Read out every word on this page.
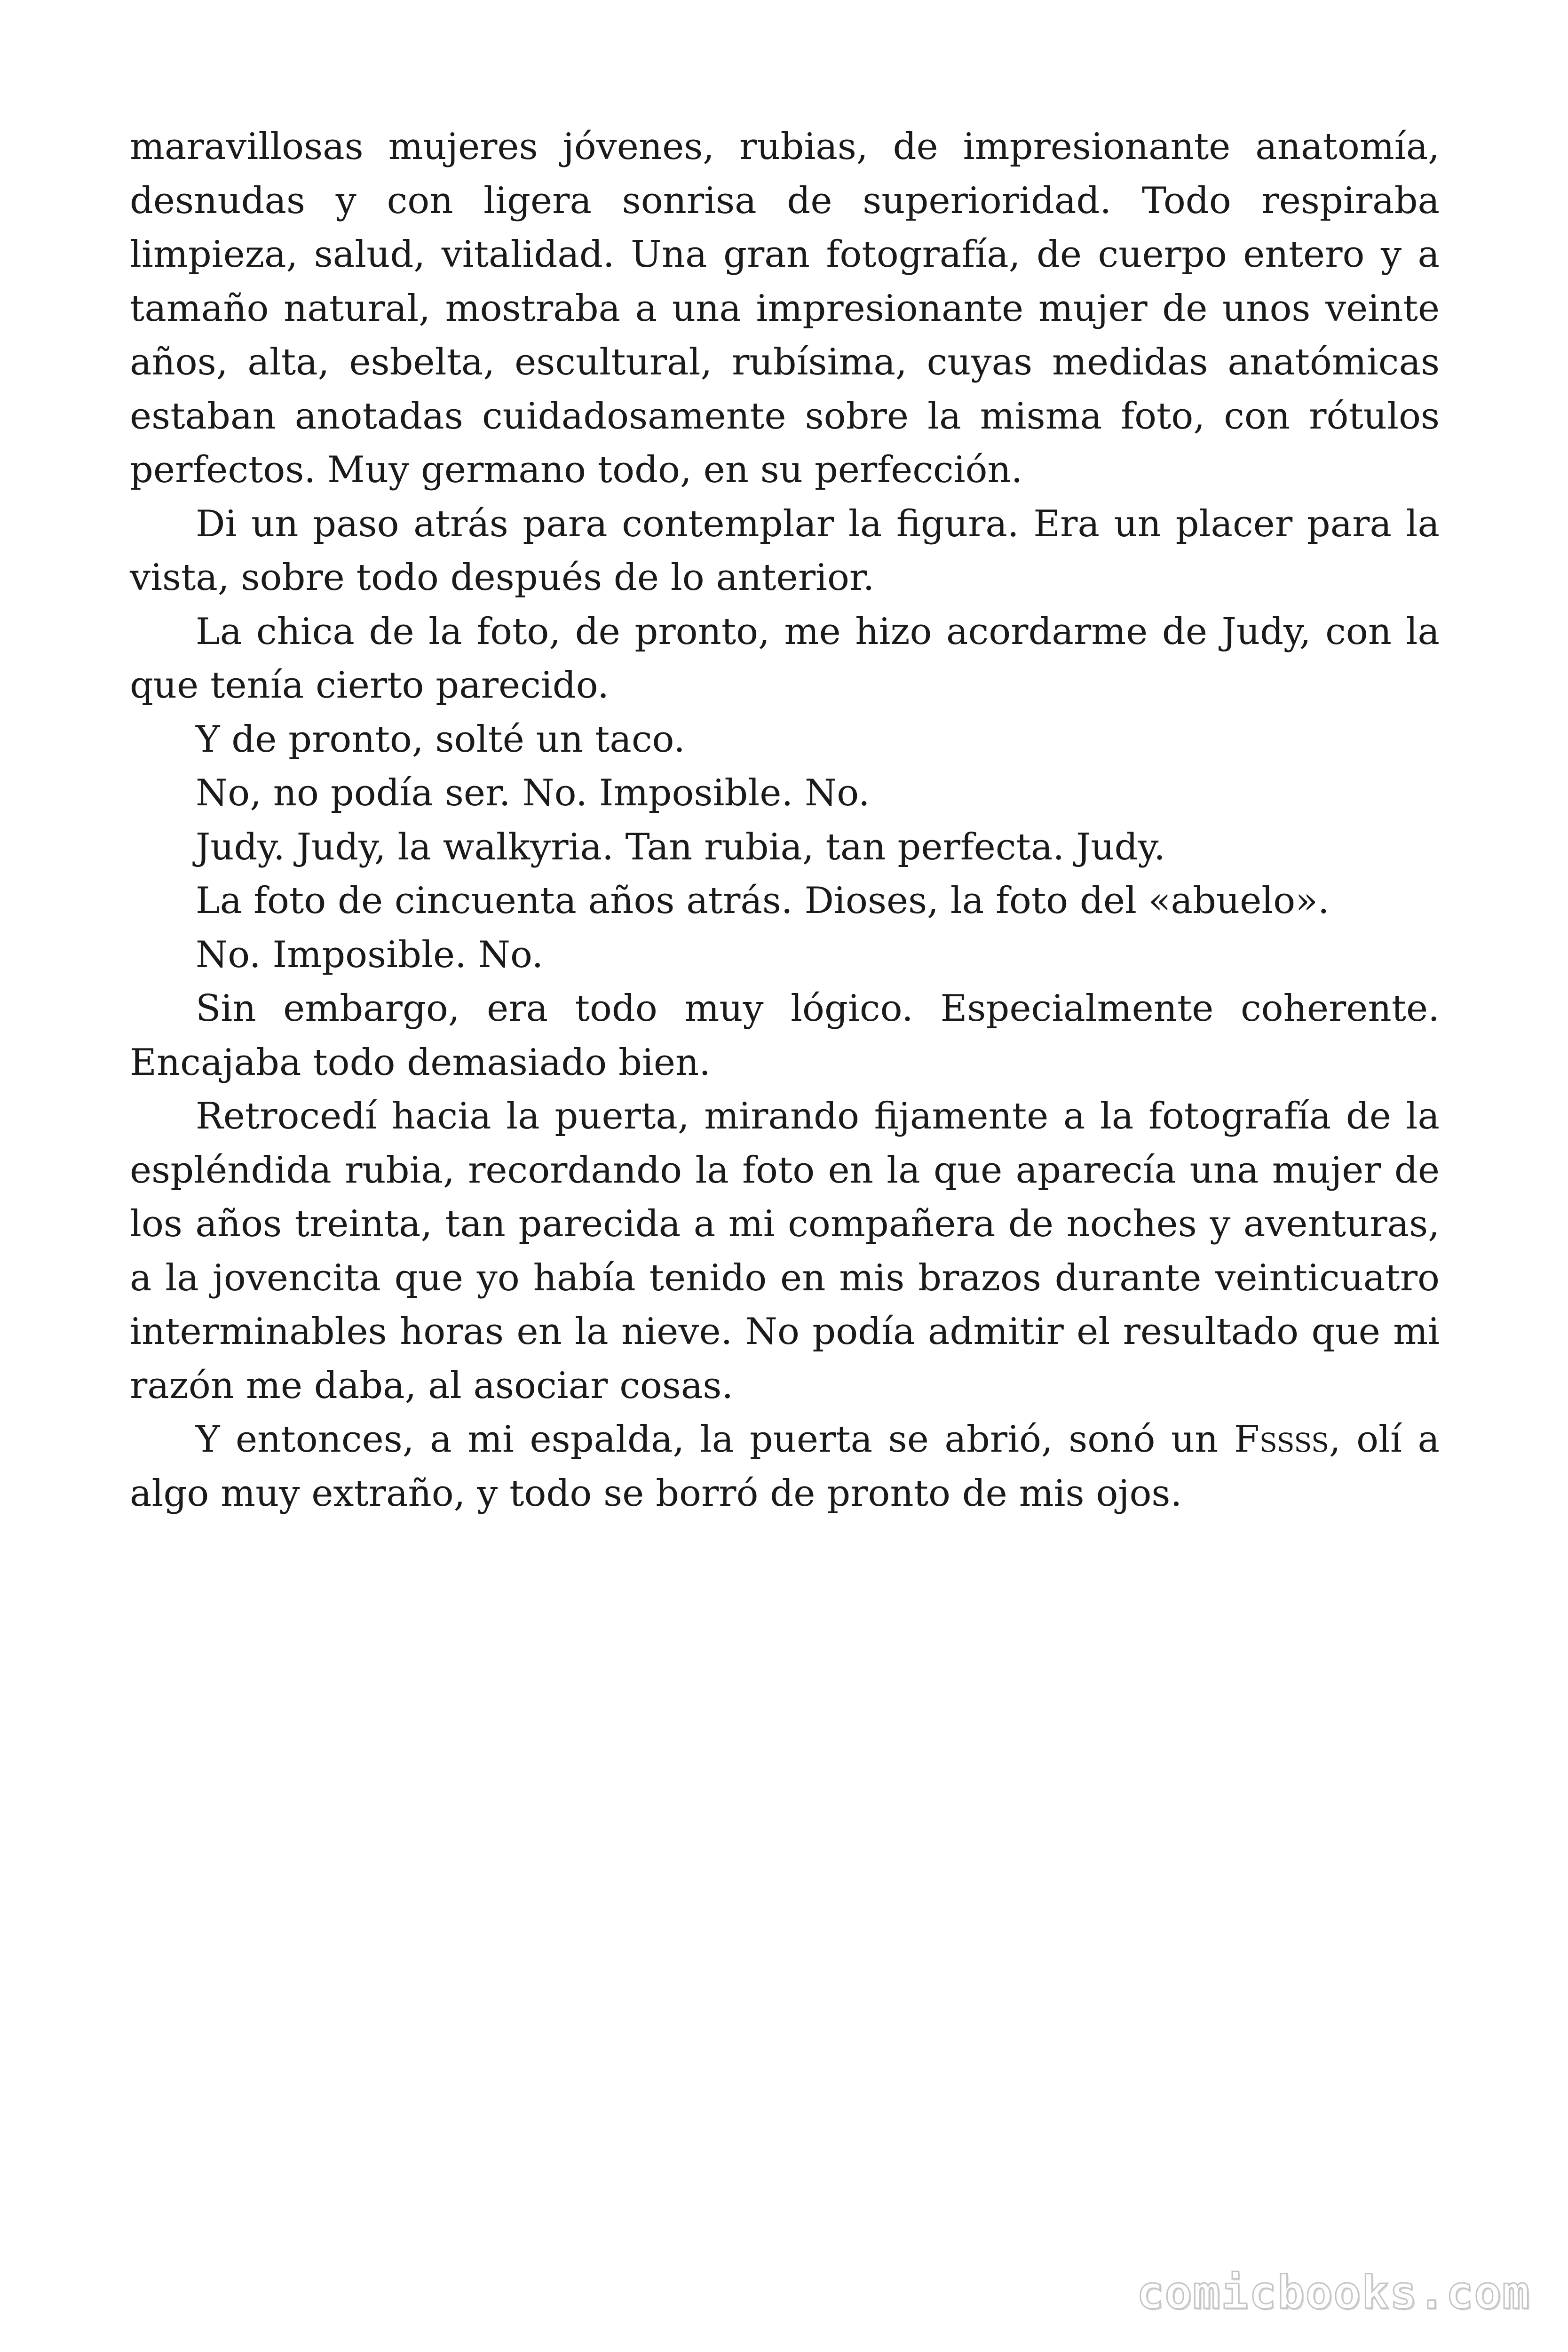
maravillosas mujeres jóvenes, rubias, de impresionante anatomía, desnudas y con ligera sonrisa de superioridad. Todo respiraba limpieza, salud, vitalidad. Una gran fotografía, de cuerpo entero y a tamaño natural, mostraba a una impresionante mujer de unos veinte años, alta, esbelta, escultural, rubísima, cuyas medidas anatómicas estaban anotadas cuidadosamente sobre la misma foto, con rótulos perfectos. Muy germano todo, en su perfección.

Di un paso atrás para contemplar la figura. Era un placer para la vista, sobre todo después de lo anterior.

La chica de la foto, de pronto, me hizo acordarme de Judy, con la que tenía cierto parecido.

Y de pronto, solté un taco.

No, no podía ser. No. Imposible. No.

Judy. Judy, la walkyria. Tan rubia, tan perfecta. Judy.

La foto de cincuenta años atrás. Dioses, la foto del «abuelo».

No. Imposible. No.

Sin embargo, era todo muy lógico. Especialmente coherente. Encajaba todo demasiado bien.

Retrocedí hacia la puerta, mirando fijamente a la fotografía de la espléndida rubia, recordando la foto en la que aparecía una mujer de los años treinta, tan parecida a mi compañera de noches y aventuras, a la jovencita que yo había tenido en mis brazos durante veinticuatro interminables horas en la nieve. No podía admitir el resultado que mi razón me daba, al asociar cosas.

Y entonces, a mi espalda, la puerta se abrió, sonó un Fssss, olí a algo muy extraño, y todo se borró de pronto de mis ojos.

comicbooks.com
